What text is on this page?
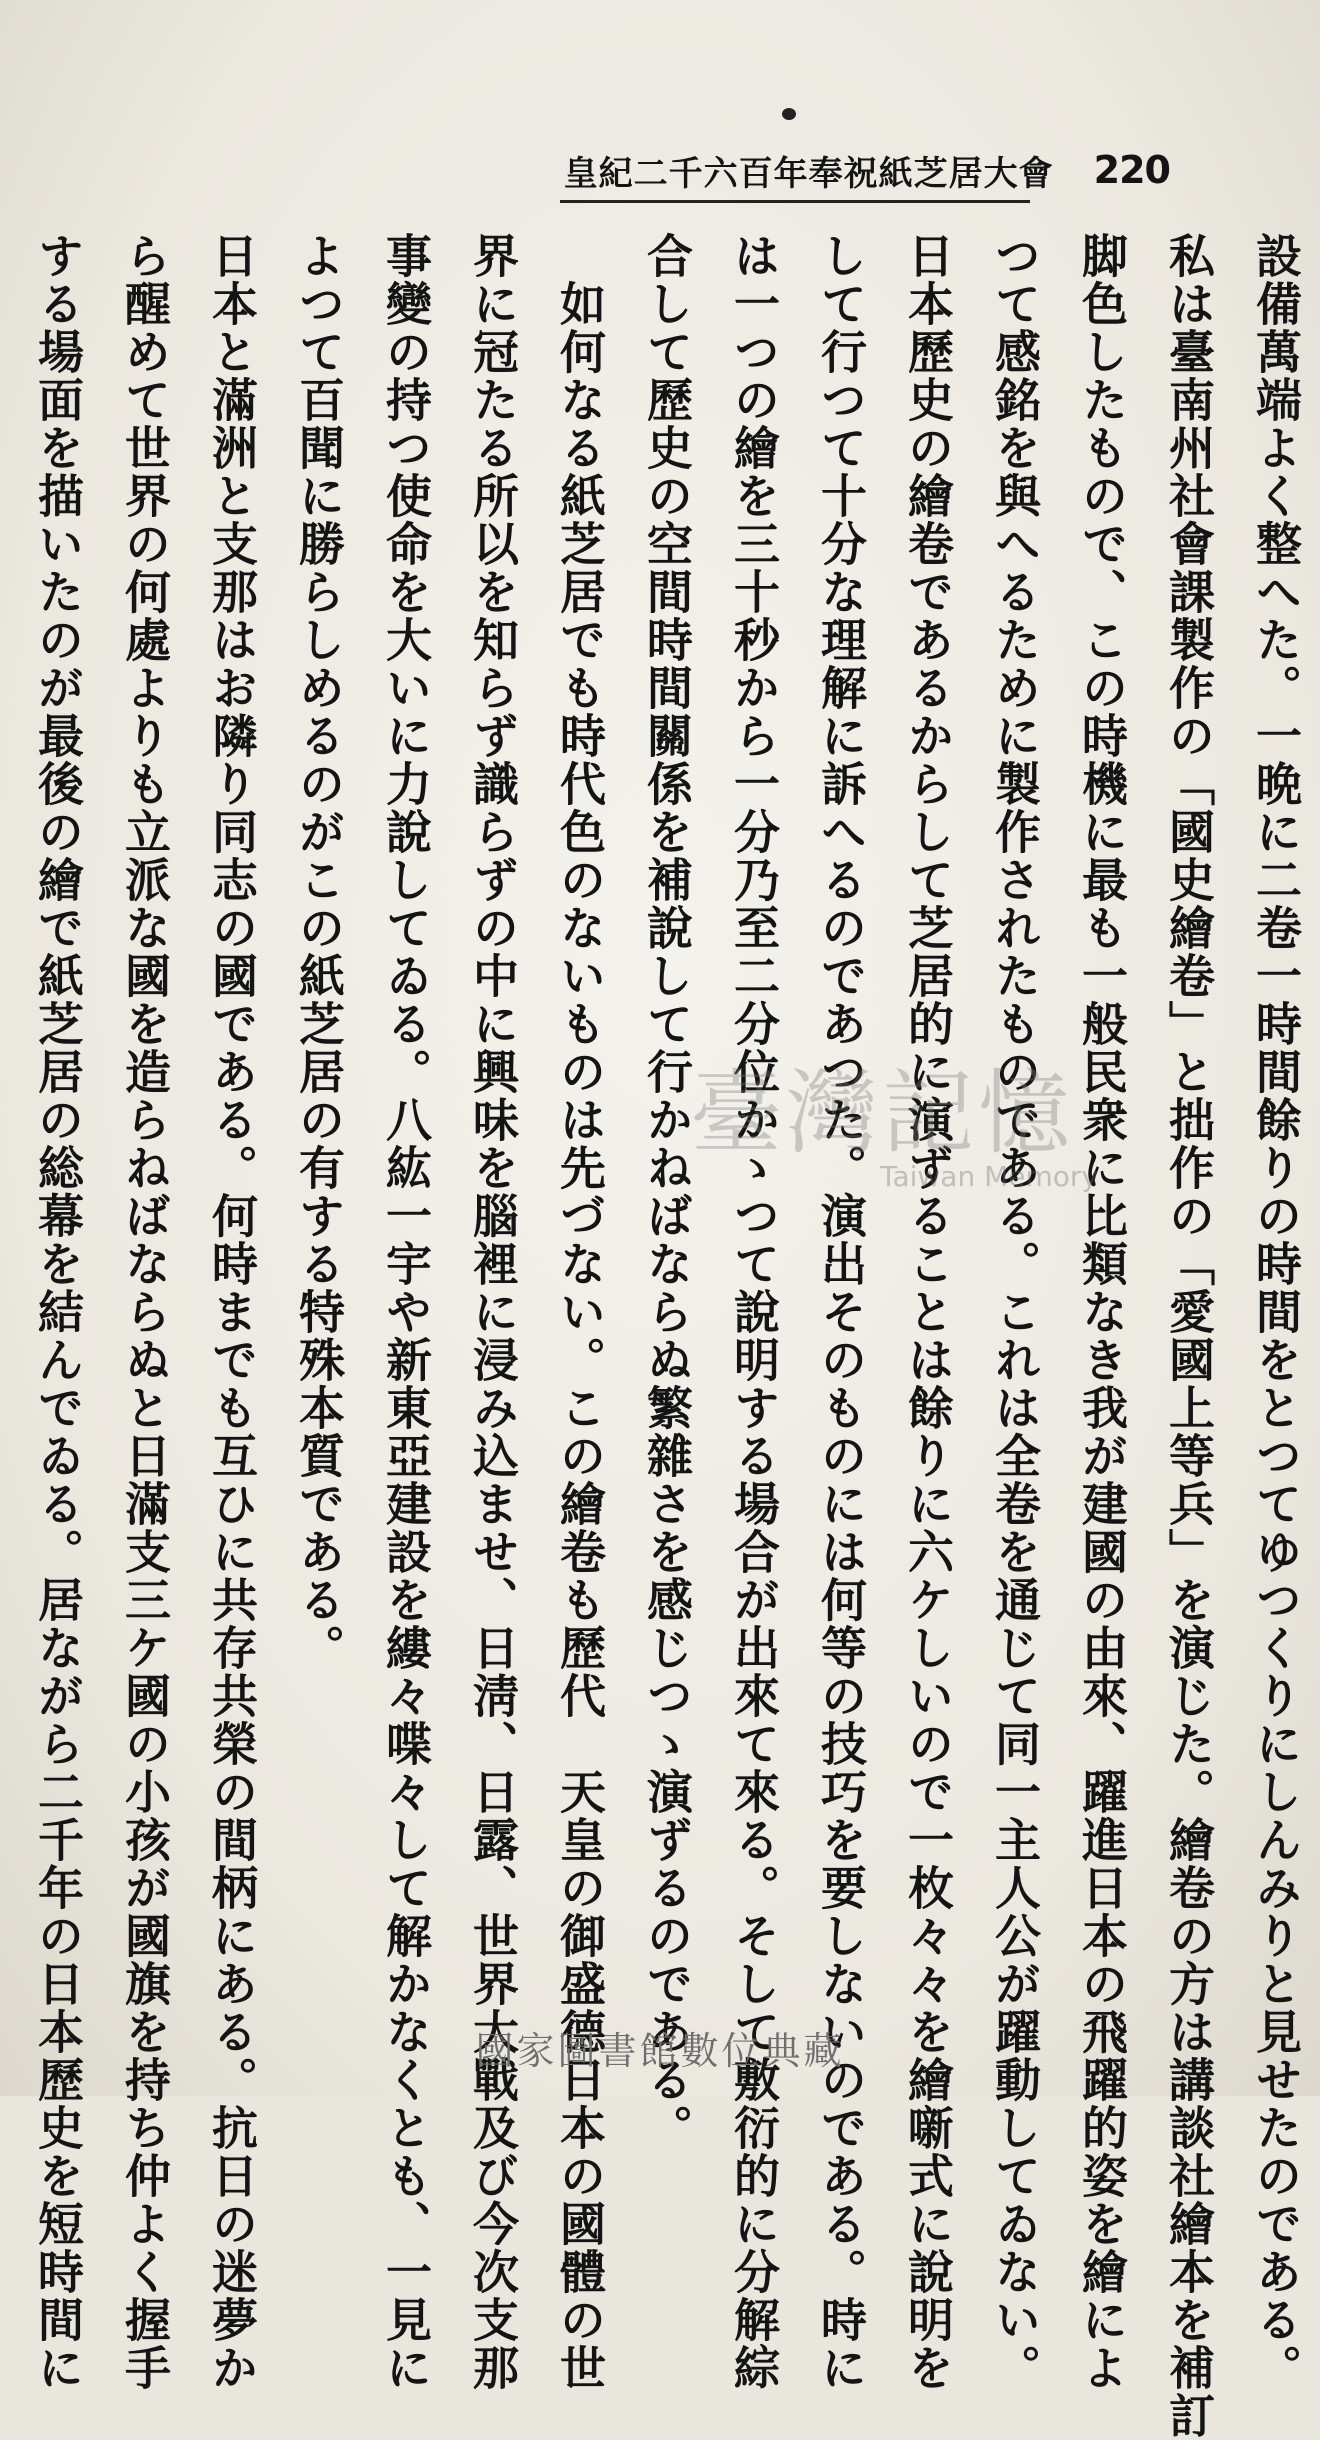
皇紀二千六百年奉祝紙芝居大會 220
設備萬端よく整へた。一晩に二卷一時間餘りの時間をとつてゆつくりにしんみりと見せたのである。
私は臺南州社會課製作の「國史繪卷」と拙作の「愛國上等兵」を演じた。繪卷の方は講談社繪本を補訂
脚色したもので、この時機に最も一般民衆に比類なき我が建國の由來、躍進日本の飛躍的姿を繪によ
つて感銘を與へるために製作されたものである。これは全卷を通じて同一主人公が躍動してゐない。
日本歷史の繪卷であるからして芝居的に演ずることは餘りに六ケしいので一枚々々を繪噺式に說明を
して行つて十分な理解に訴へるのであつた。演出そのものには何等の技巧を要しないのである。時に
は一つの繪を三十秒から一分乃至二分位かゝつて說明する場合が出來て來る。そして敷衍的に分解綜
合して歷史の空間時間關係を補說して行かねばならぬ繁雜さを感じつゝ演ずるのである。
　如何なる紙芝居でも時代色のないものは先づない。この繪卷も歷代　天皇の御盛德日本の國體の世
界に冠たる所以を知らず識らずの中に興味を腦裡に浸み込ませ、日淸、日露、世界大戰及び今次支那
事變の持つ使命を大いに力說してゐる。八紘一宇や新東亞建設を縷々喋々して解かなくとも、一見に
よつて百聞に勝らしめるのがこの紙芝居の有する特殊本質である。
日本と滿洲と支那はお隣り同志の國である。何時までも互ひに共存共榮の間柄にある。抗日の迷夢か
ら醒めて世界の何處よりも立派な國を造らねばならぬと日滿支三ケ國の小孩が國旗を持ち仲よく握手
する場面を描いたのが最後の繪で紙芝居の総幕を結んでゐる。居ながら二千年の日本歷史を短時間に	臺灣記憶
Taiwan Memory
國家圖書館數位典藏
